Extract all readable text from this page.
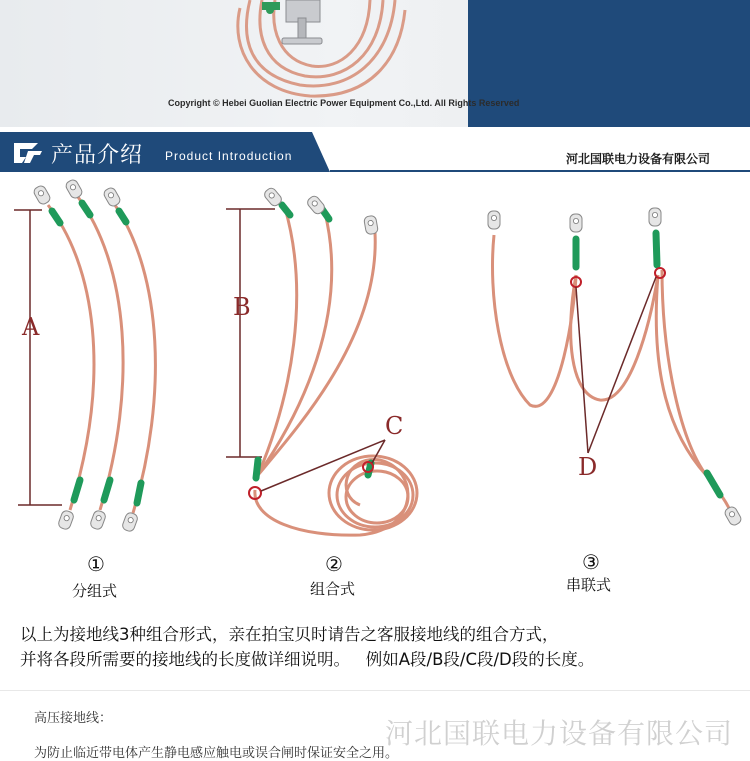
Copyright © Hebei Guolian Electric Power Equipment Co.,Ltd. All Rights Reserved
产品介绍 Product Introduction	河北国联电力设备有限公司
A
B
C
D
①
分组式
②
组合式
③
串联式
以上为接地线3种组合形式，亲在拍宝贝时请告之客服接地线的组合方式，
并将各段所需要的接地线的长度做详细说明。   例如A段/B段/C段/D段的长度。
高压接地线：
为防止临近带电体产生静电感应触电或误合闸时保证安全之用。
河北国联电力设备有限公司
